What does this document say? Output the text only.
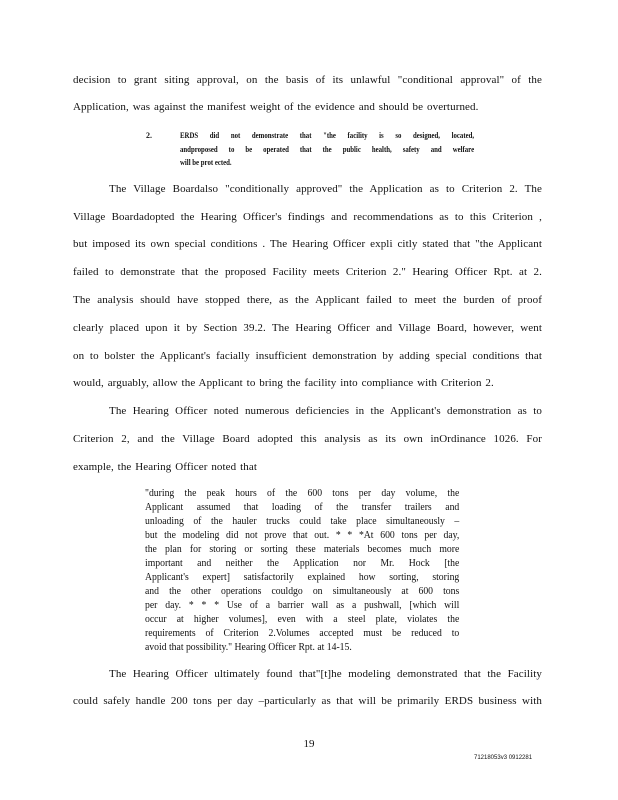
decision to grant siting approval, on the basis of its unlawful "conditional approval" of the
Application, was against the manifest weight of the evidence and should be overturned.
2.	ERDS did not demonstrate that "the facility is so designed, located,
andproposed to be operated that the public health, safety and welfare
will be prot ected.
The Village Boardalso "conditionally approved" the Application as to Criterion 2. The
Village Boardadopted the Hearing Officer's findings and recommendations as to this Criterion ,
but imposed its own special conditions . The Hearing Officer expli citly stated that "the Applicant
failed to demonstrate that the proposed Facility meets Criterion 2." Hearing Officer Rpt. at 2.
The analysis should have stopped there, as the Applicant failed to meet the burden of proof
clearly placed upon it by Section 39.2. The Hearing Officer and Village Board, however, went
on to bolster the Applicant's facially insufficient demonstration by adding special conditions that
would, arguably, allow the Applicant to bring the facility into compliance with Criterion 2.
The Hearing Officer noted numerous deficiencies in the Applicant's demonstration as to
Criterion 2, and the Village Board adopted this analysis as its own inOrdinance 1026. For
example, the Hearing Officer noted that
"during the peak hours of the 600 tons per day volume, the
Applicant assumed that loading of the transfer trailers and
unloading of the hauler trucks could take place simultaneously –
but the modeling did not prove that out. * * *At 600 tons per day,
the plan for storing or sorting these materials becomes much more
important and neither the Application nor Mr. Hock [the
Applicant's expert] satisfactorily explained how sorting, storing
and the other operations couldgo on simultaneously at 600 tons
per day. * * * Use of a barrier wall as a pushwall, [which will
occur at higher volumes], even with a steel plate, violates the
requirements of Criterion 2.Volumes accepted must be reduced to
avoid that possibility." Hearing Officer Rpt. at 14-15.
The Hearing Officer ultimately found that"[t]he modeling demonstrated that the Facility
could safely handle 200 tons per day –particularly as that will be primarily ERDS business with
19
71218053v3 0912281
